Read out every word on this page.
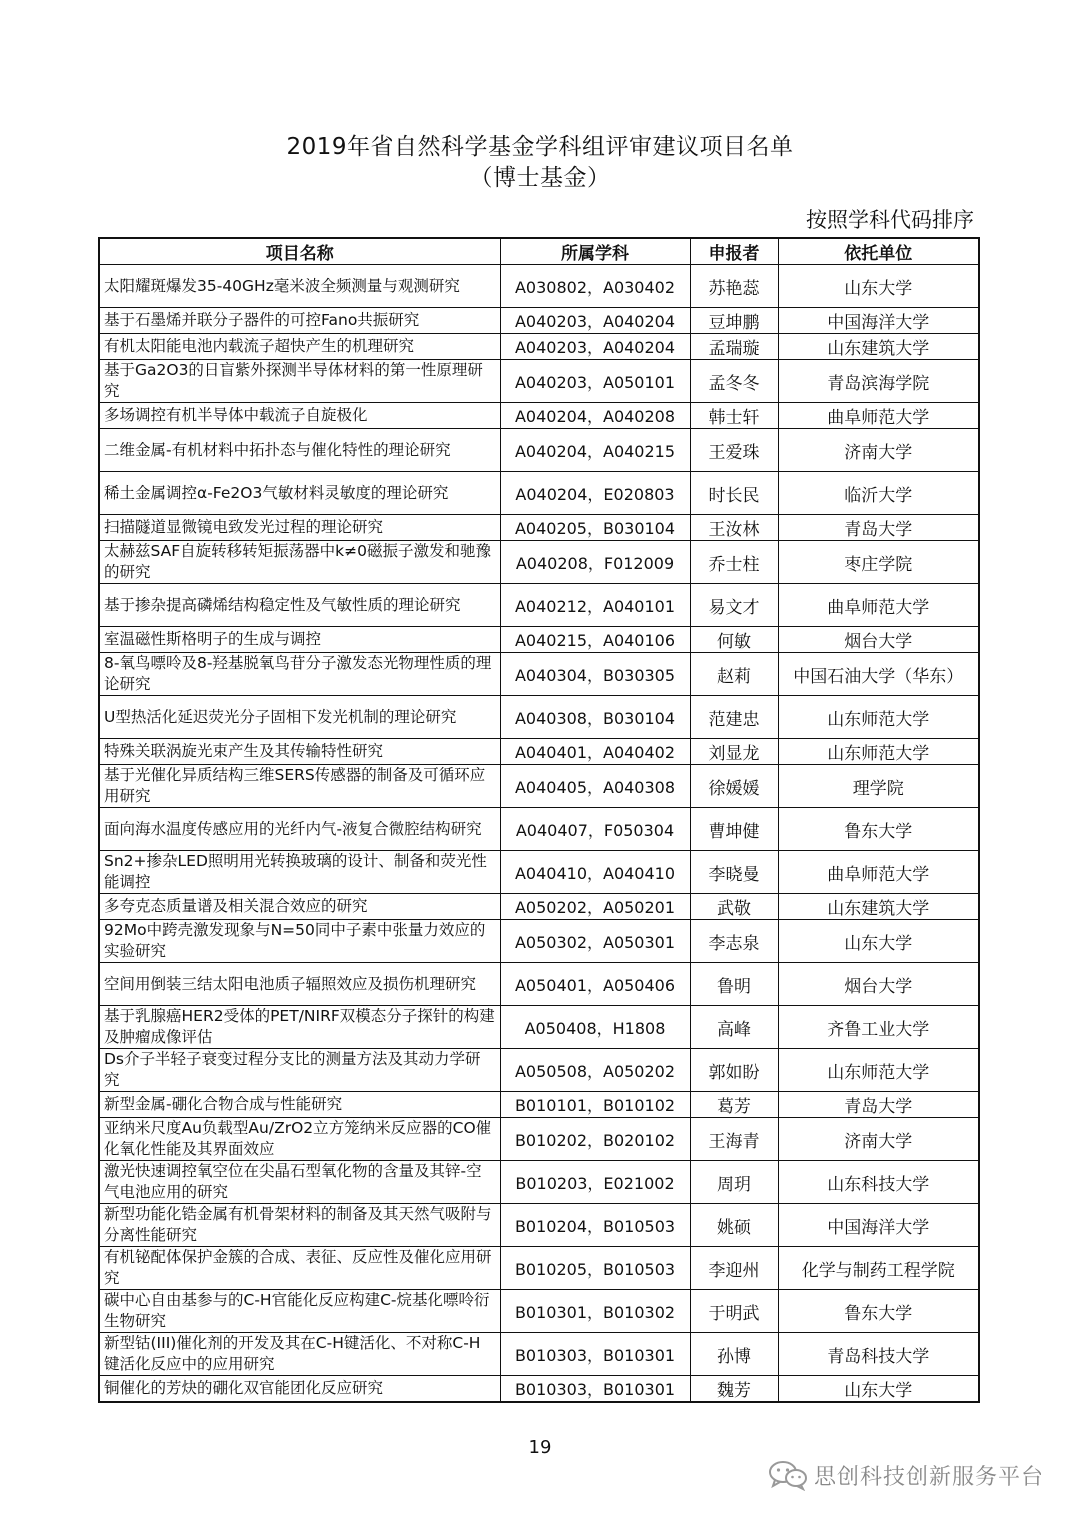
2019年省自然科学基金学科组评审建议项目名单
（博士基金）
按照学科代码排序
项目名称	所属学科	申报者	依托单位
太阳耀斑爆发35-40GHz毫米波全频测量与观测研究	A030802，A030402	苏艳蕊	山东大学
基于石墨烯并联分子器件的可控Fano共振研究	A040203，A040204	豆坤鹏	中国海洋大学
有机太阳能电池内载流子超快产生的机理研究	A040203，A040204	孟瑞璇	山东建筑大学
基于Ga2O3的日盲紫外探测半导体材料的第一性原理研究	A040203，A050101	孟冬冬	青岛滨海学院
多场调控有机半导体中载流子自旋极化	A040204，A040208	韩士轩	曲阜师范大学
二维金属-有机材料中拓扑态与催化特性的理论研究	A040204，A040215	王爱珠	济南大学
稀土金属调控α-Fe2O3气敏材料灵敏度的理论研究	A040204，E020803	时长民	临沂大学
扫描隧道显微镜电致发光过程的理论研究	A040205，B030104	王汝林	青岛大学
太赫兹SAF自旋转移转矩振荡器中k≠0磁振子激发和驰豫的研究	A040208，F012009	乔士柱	枣庄学院
基于掺杂提高磷烯结构稳定性及气敏性质的理论研究	A040212，A040101	易文才	曲阜师范大学
室温磁性斯格明子的生成与调控	A040215，A040106	何敏	烟台大学
8-氧鸟嘌呤及8-羟基脱氧鸟苷分子激发态光物理性质的理论研究	A040304，B030305	赵莉	中国石油大学（华东）
U型热活化延迟荧光分子固相下发光机制的理论研究	A040308，B030104	范建忠	山东师范大学
特殊关联涡旋光束产生及其传输特性研究	A040401，A040402	刘显龙	山东师范大学
基于光催化异质结构三维SERS传感器的制备及可循环应用研究	A040405，A040308	徐媛媛	理学院
面向海水温度传感应用的光纤内气-液复合微腔结构研究	A040407，F050304	曹坤健	鲁东大学
Sn2+掺杂LED照明用光转换玻璃的设计、制备和荧光性能调控	A040410，A040410	李晓曼	曲阜师范大学
多夸克态质量谱及相关混合效应的研究	A050202，A050201	武敬	山东建筑大学
92Mo中跨壳激发现象与N=50同中子素中张量力效应的实验研究	A050302，A050301	李志泉	山东大学
空间用倒装三结太阳电池质子辐照效应及损伤机理研究	A050401，A050406	鲁明	烟台大学
基于乳腺癌HER2受体的PET/NIRF双模态分子探针的构建及肿瘤成像评估	A050408，H1808	高峰	齐鲁工业大学
Ds介子半轻子衰变过程分支比的测量方法及其动力学研究	A050508，A050202	郭如盼	山东师范大学
新型金属-硼化合物合成与性能研究	B010101，B010102	葛芳	青岛大学
亚纳米尺度Au负载型Au/ZrO2立方笼纳米反应器的CO催化氧化性能及其界面效应	B010202，B020102	王海青	济南大学
激光快速调控氧空位在尖晶石型氧化物的含量及其锌-空气电池应用的研究	B010203，E021002	周玥	山东科技大学
新型功能化锆金属有机骨架材料的制备及其天然气吸附与分离性能研究	B010204，B010503	姚硕	中国海洋大学
有机铋配体保护金簇的合成、表征、反应性及催化应用研究	B010205，B010503	李迎州	化学与制药工程学院
碳中心自由基参与的C-H官能化反应构建C-烷基化嘌呤衍生物研究	B010301，B010302	于明武	鲁东大学
新型钴(III)催化剂的开发及其在C-H键活化、不对称C-H键活化反应中的应用研究	B010303，B010301	孙博	青岛科技大学
铜催化的芳炔的硼化双官能团化反应研究	B010303，B010301	魏芳	山东大学
19
思创科技创新服务平台
